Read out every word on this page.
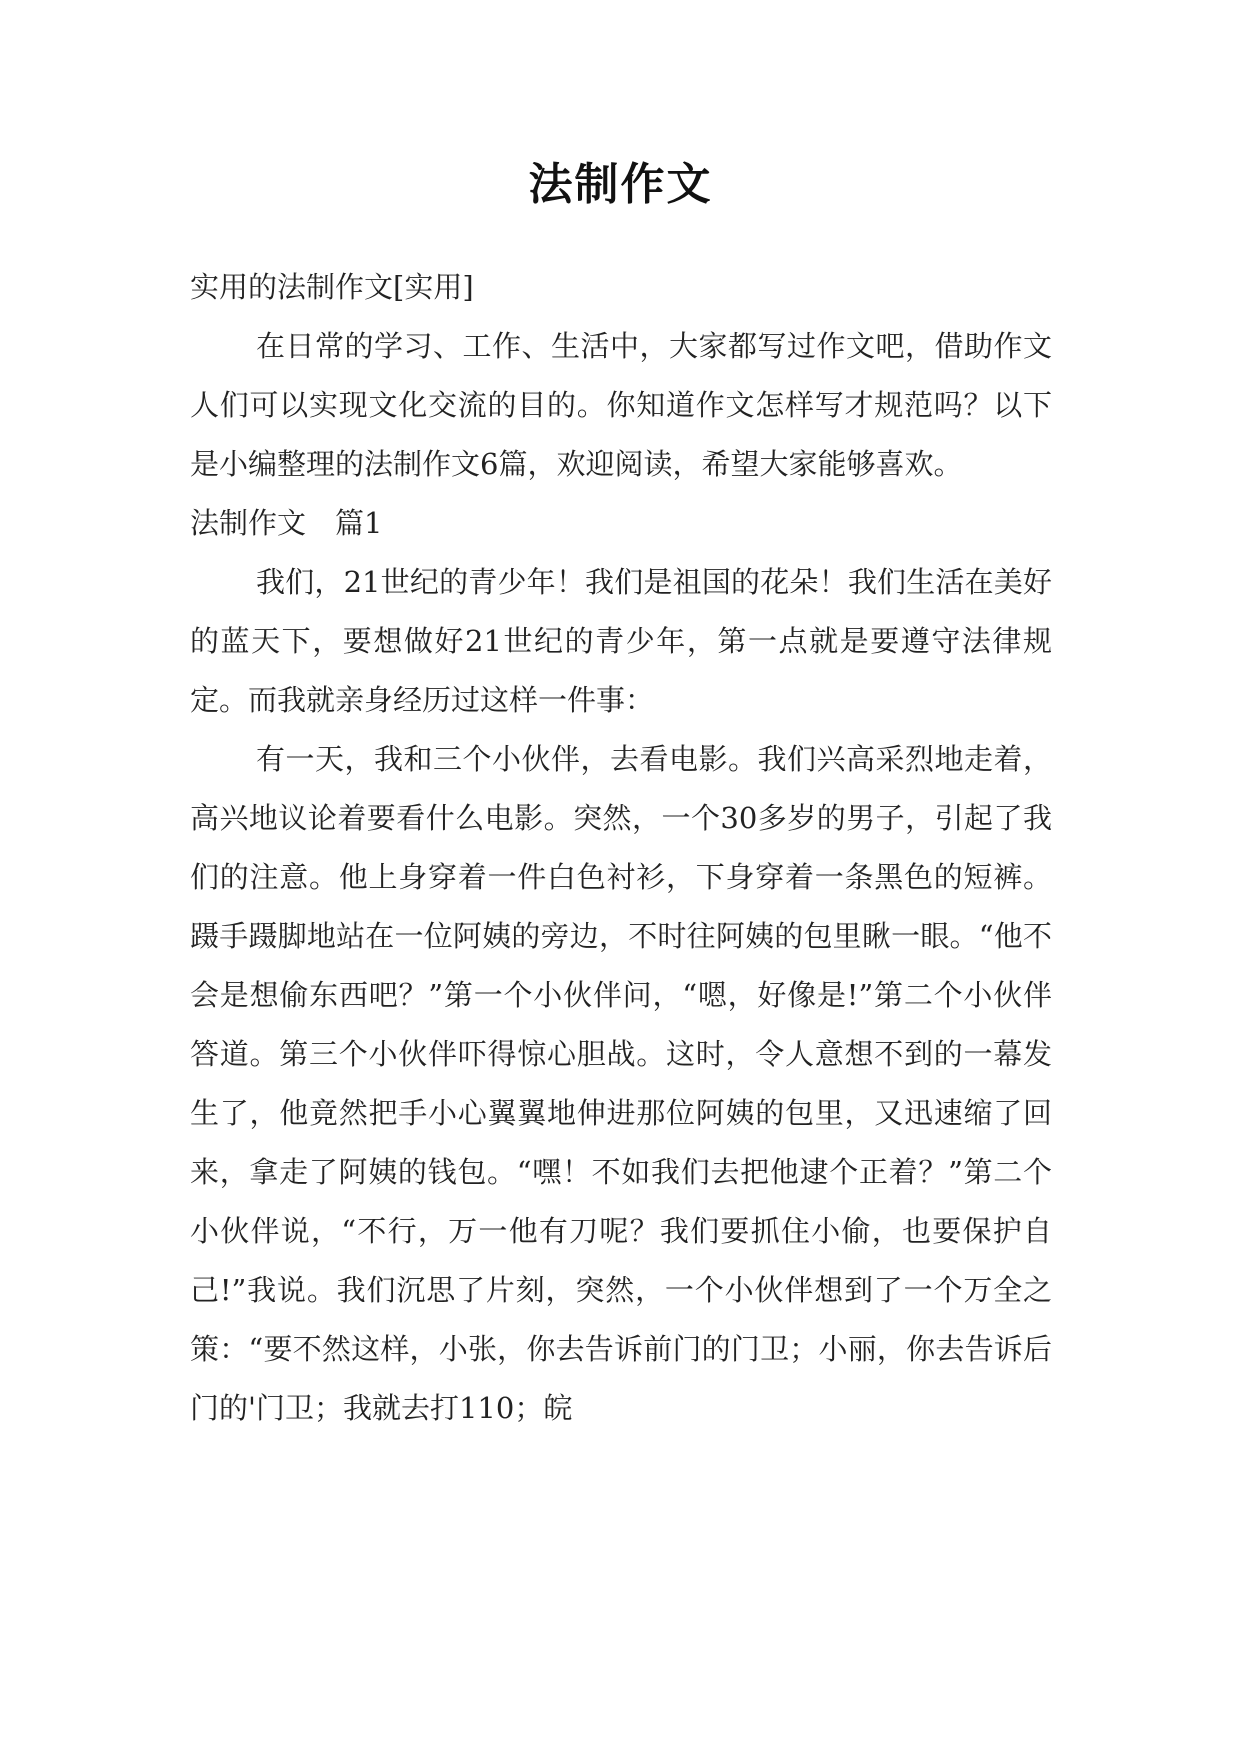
法制作文

实用的法制作文[实用]

在日常的学习、工作、生活中，大家都写过作文吧，借助作文人们可以实现文化交流的目的。你知道作文怎样写才规范吗？以下是小编整理的法制作文6篇，欢迎阅读，希望大家能够喜欢。

法制作文　篇1

我们，21世纪的青少年！我们是祖国的花朵！我们生活在美好的蓝天下，要想做好21世纪的青少年，第一点就是要遵守法律规定。而我就亲身经历过这样一件事：

有一天，我和三个小伙伴，去看电影。我们兴高采烈地走着，高兴地议论着要看什么电影。突然，一个30多岁的男子，引起了我们的注意。他上身穿着一件白色衬衫，下身穿着一条黑色的短裤。蹑手蹑脚地站在一位阿姨的旁边，不时往阿姨的包里瞅一眼。“他不会是想偷东西吧？”第一个小伙伴问，“嗯，好像是!”第二个小伙伴答道。第三个小伙伴吓得惊心胆战。这时，令人意想不到的一幕发生了，他竟然把手小心翼翼地伸进那位阿姨的包里，又迅速缩了回来，拿走了阿姨的钱包。“嘿！不如我们去把他逮个正着？”第二个小伙伴说，“不行，万一他有刀呢？我们要抓住小偷，也要保护自己!”我说。我们沉思了片刻，突然，一个小伙伴想到了一个万全之策：“要不然这样，小张，你去告诉前门的门卫；小丽，你去告诉后门的'门卫；我就去打110；皖
